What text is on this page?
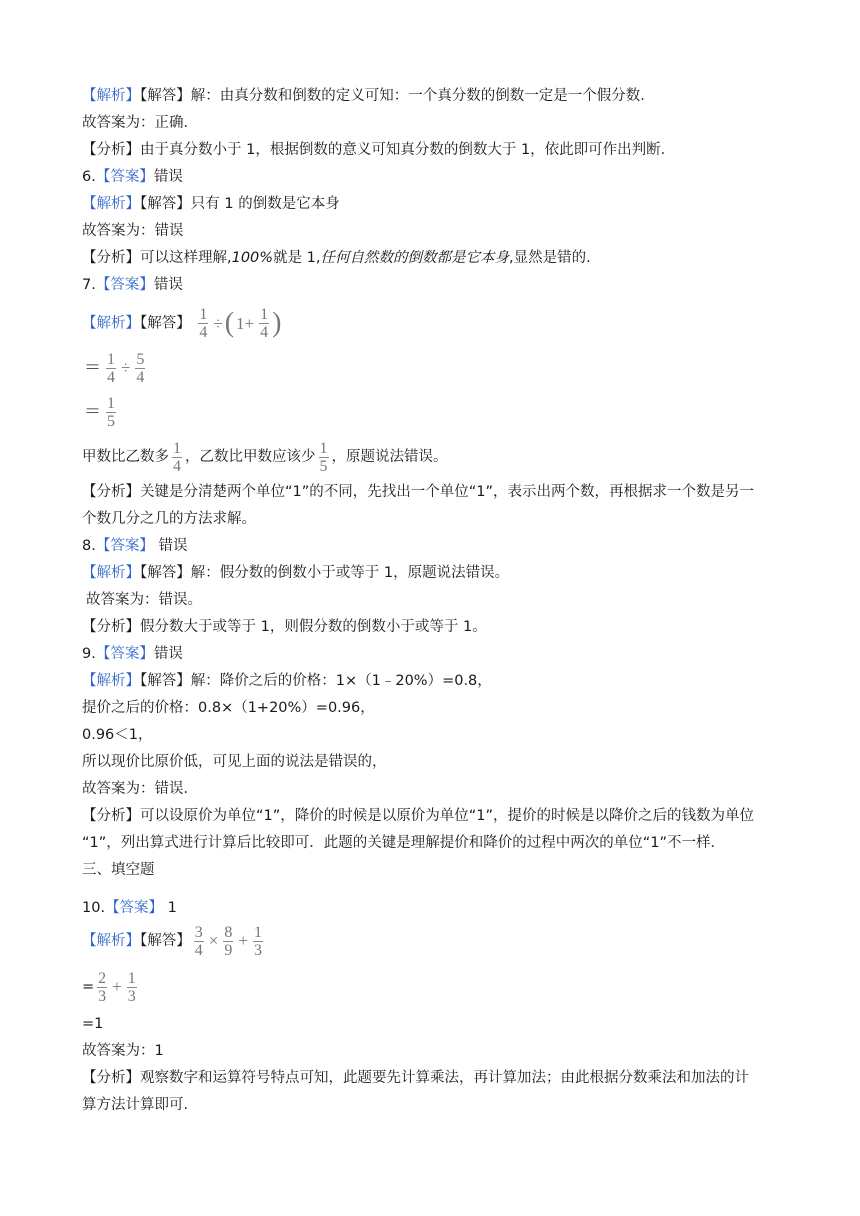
【解析】【解答】解：由真分数和倒数的定义可知：一个真分数的倒数一定是一个假分数．
故答案为：正确．
【分析】由于真分数小于 1，根据倒数的意义可知真分数的倒数大于 1，依此即可作出判断．
6.【答案】错误
【解析】【解答】只有 1 的倒数是它本身
故答案为：错误
【分析】可以这样理解,100%就是 1,任何自然数的倒数都是它本身,显然是错的.
7.【答案】错误
【解析】【解答】 $\frac{1}{4}$ ÷( $1+ \frac{1}{4}$ )
＝ $\frac{1}{4} \div \frac{5}{4}$
＝ $\frac{1}{5}$
甲数比乙数多 $\frac{1}{4}$ ，乙数比甲数应该少 $\frac{1}{5}$ ，原题说法错误。
【分析】关键是分清楚两个单位“1”的不同，先找出一个单位“1”，表示出两个数，再根据求一个数是另一
个数几分之几的方法求解。
8.【答案】 错误
【解析】【解答】解：假分数的倒数小于或等于 1，原题说法错误。
故答案为：错误。
【分析】假分数大于或等于 1，则假分数的倒数小于或等于 1。
9.【答案】错误
【解析】【解答】解：降价之后的价格：1×（1﹣20%）=0.8，
提价之后的价格：0.8×（1+20%）=0.96，
0.96＜1，
所以现价比原价低，可见上面的说法是错误的，
故答案为：错误．
【分析】可以设原价为单位“1”，降价的时候是以原价为单位“1”，提价的时候是以降价之后的钱数为单位
“1”，列出算式进行计算后比较即可．此题的关键是理解提价和降价的过程中两次的单位“1”不一样．
三、填空题
10.【答案】 1
【解析】【解答】 $\frac{3}{4} \times \frac{8}{9} + \frac{1}{3}$
= $\frac{2}{3} + \frac{1}{3}$
=1
故答案为：1
【分析】观察数字和运算符号特点可知，此题要先计算乘法，再计算加法；由此根据分数乘法和加法的计
算方法计算即可.
